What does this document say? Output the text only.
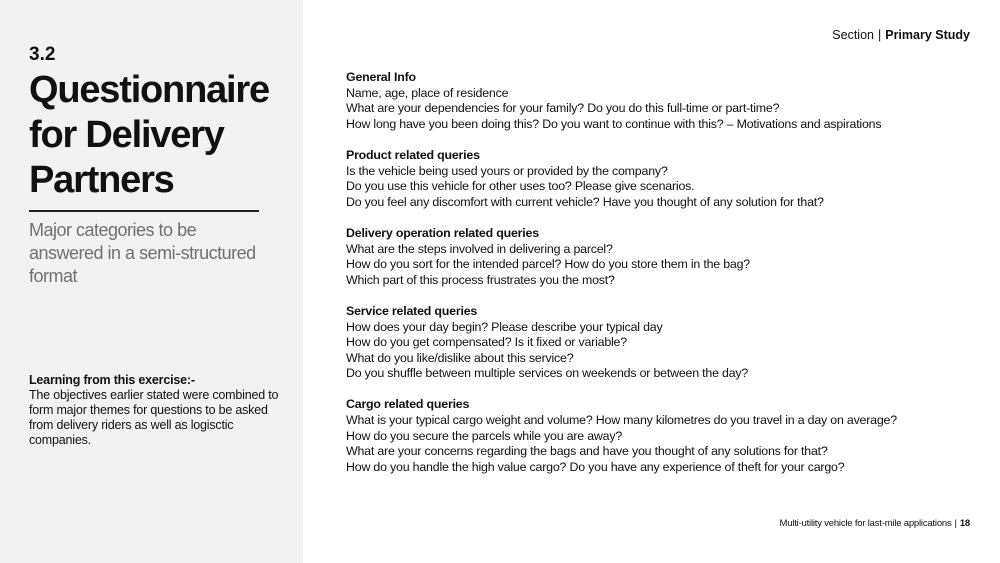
3.2
Questionnaire for Delivery Partners
Major categories to be answered in a semi-structured format
Learning from this exercise:-
The objectives earlier stated were combined to form major themes for questions to be asked from delivery riders as well as logisctic companies.
Section | Primary Study
General Info
Name, age, place of residence
What are your dependencies for your family? Do you do this full-time or part-time?
How long have you been doing this? Do you want to continue with this? – Motivations and aspirations
Product related queries
Is the vehicle being used yours or provided by the company?
Do you use this vehicle for other uses too? Please give scenarios.
Do you feel any discomfort with current vehicle? Have you thought of any solution for that?
Delivery operation related queries
What are the steps involved in delivering a parcel?
How do you sort for the intended parcel? How do you store them in the bag?
Which part of this process frustrates you the most?
Service related queries
How does your day begin? Please describe your typical day
How do you get compensated? Is it fixed or variable?
What do you like/dislike about this service?
Do you shuffle between multiple services on weekends or between the day?
Cargo related queries
What is your typical cargo weight and volume? How many kilometres do you travel in a day on average?
How do you secure the parcels while you are away?
What are your concerns regarding the bags and have you thought of any solutions for that?
How do you handle the high value cargo? Do you have any experience of theft for your cargo?
Multi-utility vehicle for last-mile applications | 18
